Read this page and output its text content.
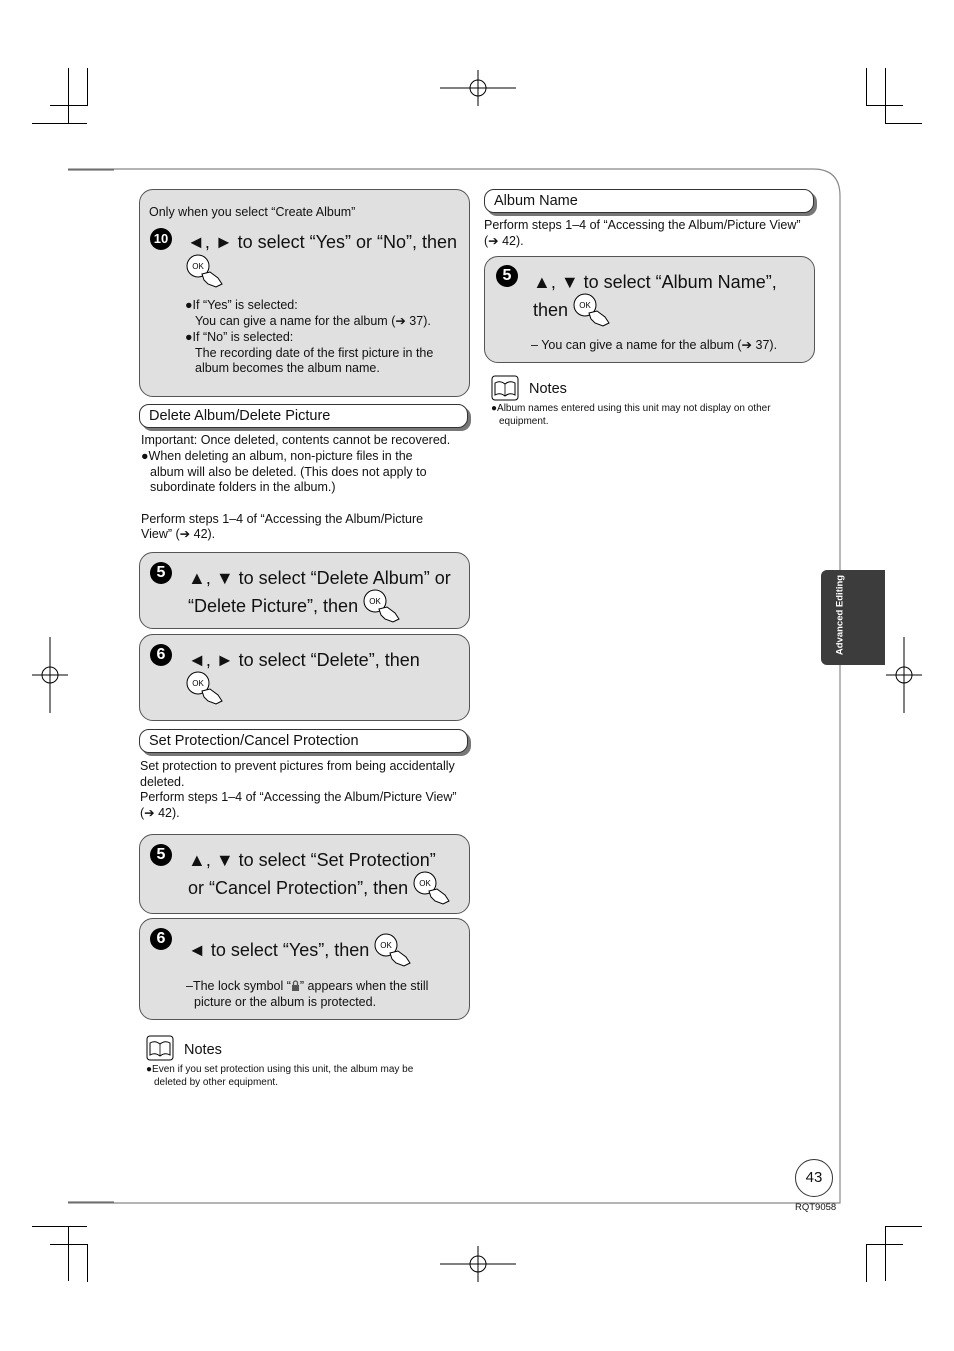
Advanced Editing
Only when you select “Create Album”
10 ◄, ► to select “Yes” or “No”, then
OK
●If “Yes” is selected:
You can give a name for the album (➔ 37).
●If “No” is selected:
The recording date of the first picture in the
album becomes the album name.
Delete Album/Delete Picture
Important: Once deleted, contents cannot be recovered.
●When deleting an album, non-picture files in the
album will also be deleted. (This does not apply to
subordinate folders in the album.)
Perform steps 1–4 of “Accessing the Album/Picture
View” (➔ 42).
5	▲, ▼ to select “Delete Album” or
“Delete Picture”, then OK
6	◄, ► to select “Delete”, then
OK
Set Protection/Cancel Protection
Set protection to prevent pictures from being accidentally
deleted.
Perform steps 1–4 of “Accessing the Album/Picture View”
(➔ 42).
5	▲, ▼ to select “Set Protection”
or “Cancel Protection”, then OK
6
◄ to select “Yes”, then OK
–The lock symbol “ ” appears when the still
picture or the album is protected.
Notes
●Even if you set protection using this unit, the album may be
deleted by other equipment.
Album Name
Perform steps 1–4 of “Accessing the Album/Picture View”
(➔ 42).
5	▲, ▼ to select “Album Name”,
then OK
– You can give a name for the album (➔ 37).
Notes
●Album names entered using this unit may not display on other
equipment.
43
RQT9058
